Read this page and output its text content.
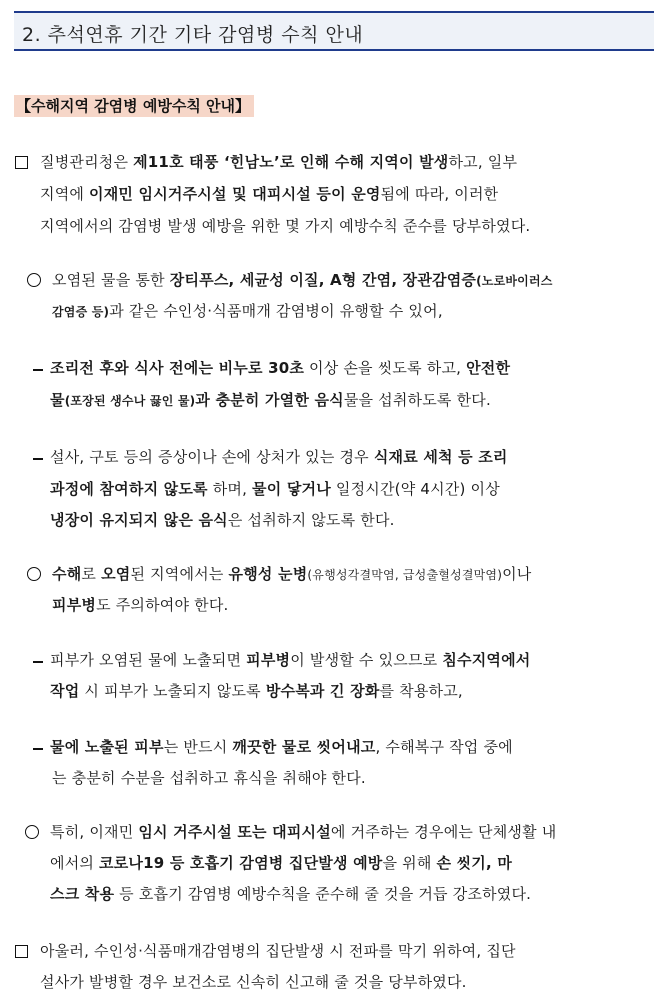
2. 추석연휴 기간 기타 감염병 수칙 안내
【수해지역 감염병 예방수칙 안내】
질병관리청은 제11호 태풍 ‘힌남노’로 인해 수해 지역이 발생하고, 일부
지역에 이재민 임시거주시설 및 대피시설 등이 운영됨에 따라, 이러한
지역에서의 감염병 발생 예방을 위한 몇 가지 예방수칙 준수를 당부하였다.
오염된 물을 통한 장티푸스, 세균성 이질, A형 간염, 장관감염증(노로바이러스
감염증 등)과 같은 수인성·식품매개 감염병이 유행할 수 있어,
조리전 후와 식사 전에는 비누로 30초 이상 손을 씻도록 하고, 안전한
물(포장된 생수나 끓인 물)과 충분히 가열한 음식물을 섭취하도록 한다.
설사, 구토 등의 증상이나 손에 상처가 있는 경우 식재료 세척 등 조리
과정에 참여하지 않도록 하며, 물이 닿거나 일정시간(약 4시간) 이상
냉장이 유지되지 않은 음식은 섭취하지 않도록 한다.
수해로 오염된 지역에서는 유행성 눈병(유행성각결막염, 급성출혈성결막염)이나
피부병도 주의하여야 한다.
피부가 오염된 물에 노출되면 피부병이 발생할 수 있으므로 침수지역에서
작업 시 피부가 노출되지 않도록 방수복과 긴 장화를 착용하고,
물에 노출된 피부는 반드시 깨끗한 물로 씻어내고, 수해복구 작업 중에
는 충분히 수분을 섭취하고 휴식을 취해야 한다.
특히, 이재민 임시 거주시설 또는 대피시설에 거주하는 경우에는 단체생활 내
에서의 코로나19 등 호흡기 감염병 집단발생 예방을 위해 손 씻기, 마
스크 착용 등 호흡기 감염병 예방수칙을 준수해 줄 것을 거듭 강조하였다.
아울러, 수인성·식품매개감염병의 집단발생 시 전파를 막기 위하여, 집단
설사가 발병할 경우 보건소로 신속히 신고해 줄 것을 당부하였다.
